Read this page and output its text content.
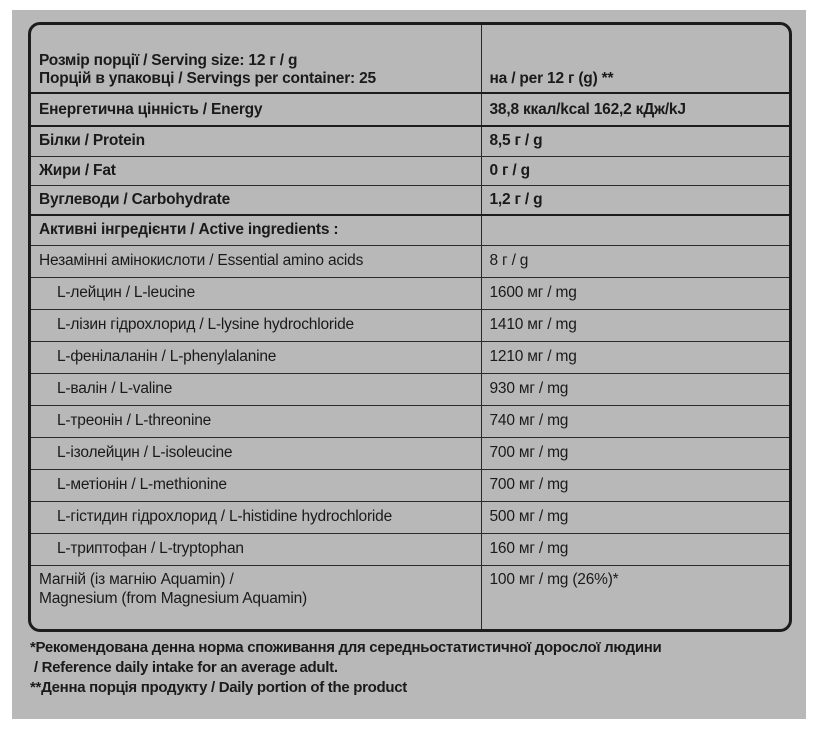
Розмір порції / Serving size: 12 г / g
Порцій в упаковці / Servings per container: 25	на / per 12 г (g) **
Енергетична цінність / Energy	38,8 ккал/kcal 162,2 кДж/kJ
Білки / Protein	8,5 г / g
Жири / Fat	0 г / g
Вуглеводи / Carbohydrate	1,2 г / g
Активні інгредієнти / Active ingredients :	
Незамінні амінокислоти / Essential amino acids	8 г / g
L-лейцин / L-leucine	1600 мг / mg
L-лізин гідрохлорид / L-lysine hydrochloride	1410 мг / mg
L-фенілаланін / L-phenylalanine	1210 мг / mg
L-валін / L-valine	930 мг / mg
L-треонін / L-threonine	740 мг / mg
L-ізолейцин / L-isoleucine	700 мг / mg
L-метіонін / L-methionine	700 мг / mg
L-гістидин гідрохлорид / L-histidine hydrochloride	500 мг / mg
L-триптофан / L-tryptophan	160 мг / mg

Магній (із магнію Aquamin) /
Magnesium (from Magnesium Aquamin)	100 мг / mg (26%)*
*Рекомендована денна норма споживання для середньостатистичної дорослої людини
/ Reference daily intake for an average adult.
**Денна порція продукту / Daily portion of the product
